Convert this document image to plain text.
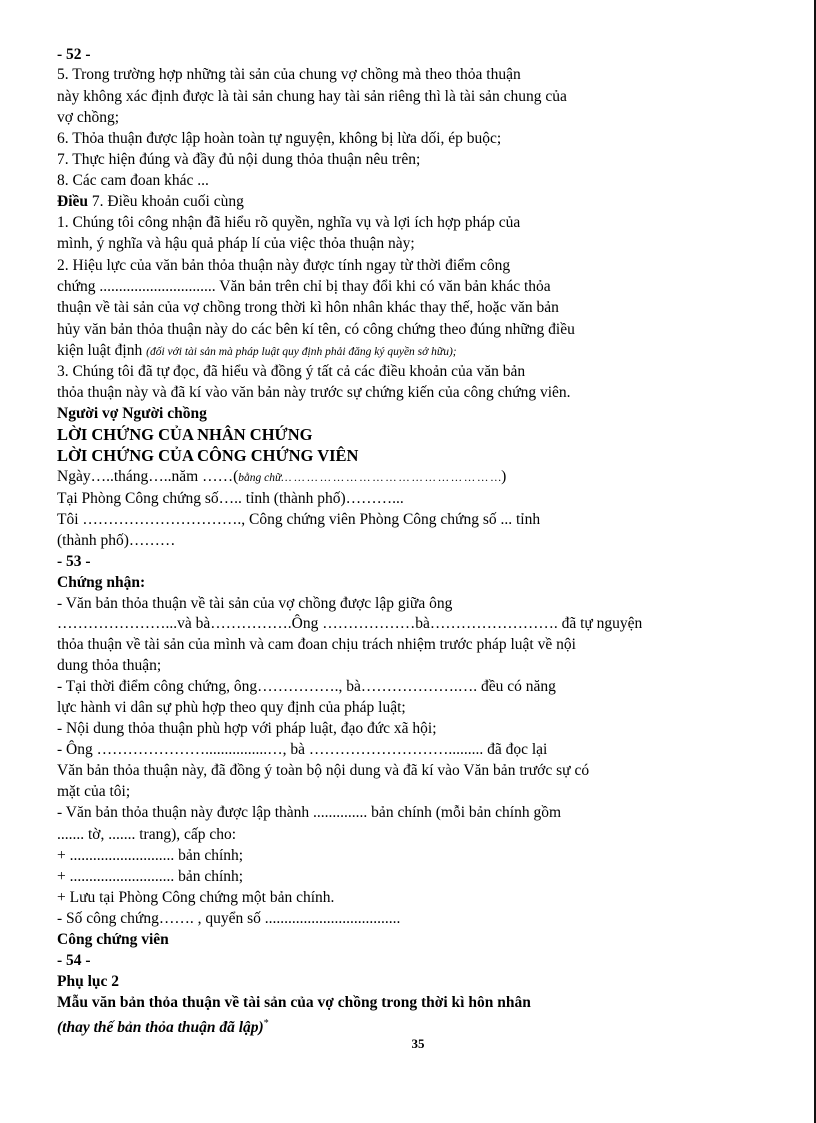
- 52 -
5. Trong trường hợp những tài sản của chung vợ chồng mà theo thỏa thuận
này không xác định được là tài sản chung hay tài sản riêng thì là tài sản chung của
vợ chồng;
6. Thỏa thuận được lập hoàn toàn tự nguyện, không bị lừa dối, ép buộc;
7. Thực hiện đúng và đầy đủ nội dung thỏa thuận nêu trên;
8. Các cam đoan khác ...
Điều 7. Điều khoản cuối cùng
1. Chúng tôi công nhận đã hiểu rõ quyền, nghĩa vụ và lợi ích hợp pháp của
mình, ý nghĩa và hậu quả pháp lí của việc thỏa thuận này;
2. Hiệu lực của văn bản thỏa thuận này được tính ngay từ thời điểm công
chứng .............................. Văn bản trên chỉ bị thay đổi khi có văn bản khác thỏa
thuận về tài sản của vợ chồng trong thời kì hôn nhân khác thay thế, hoặc văn bản
hủy văn bản thỏa thuận này do các bên kí tên, có công chứng theo đúng những điều
kiện luật định (đối với tài sản mà pháp luật quy định phải đăng ký quyền sở hữu);
3. Chúng tôi đã tự đọc, đã hiểu và đồng ý tất cả các điều khoản của văn bản
thỏa thuận này và đã kí vào văn bản này trước sự chứng kiến của công chứng viên.
Người vợ Người chồng
LỜI CHỨNG CỦA NHÂN CHỨNG
LỜI CHỨNG CỦA CÔNG CHỨNG VIÊN
Ngày…..tháng…..năm ……(bằng chữ… … … … … … … … … … … … … … … … …)
Tại Phòng Công chứng số….. tỉnh (thành phố)………...
Tôi …………………………., Công chứng viên Phòng Công chứng số ... tỉnh
(thành phố)………
- 53 -
Chứng nhận:
- Văn bản thỏa thuận về tài sản của vợ chồng được lập giữa ông
…………………...và bà…………….Ông ………………bà……………………. đã tự nguyện
thỏa thuận về tài sản của mình và cam đoan chịu trách nhiệm trước pháp luật về nội
dung thỏa thuận;
- Tại thời điểm công chứng, ông……………., bà……………….…. đều có năng
lực hành vi dân sự phù hợp theo quy định của pháp luật;
- Nội dung thỏa thuận phù hợp với pháp luật, đạo đức xã hội;
- Ông …………………................…, bà ………………………......... đã đọc lại
Văn bản thỏa thuận này, đã đồng ý toàn bộ nội dung và đã kí vào Văn bản trước sự có
mặt của tôi;
- Văn bản thỏa thuận này được lập thành .............. bản chính (mỗi bản chính gồm
....... tờ, ....... trang), cấp cho:
+ ........................... bản chính;
+ ........................... bản chính;
+ Lưu tại Phòng Công chứng một bản chính.
- Số công chứng……. , quyển số ...................................
Công chứng viên
- 54 -
Phụ lục 2
Mẫu văn bản thỏa thuận về tài sản của vợ chồng trong thời kì hôn nhân
(thay thế bản thỏa thuận đã lập)*
35
